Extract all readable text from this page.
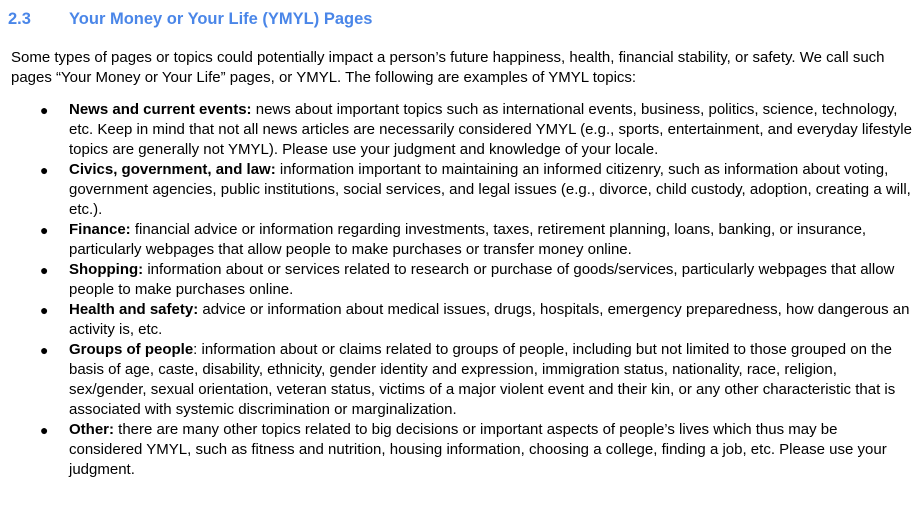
2.3 Your Money or Your Life (YMYL) Pages

Some types of pages or topics could potentially impact a person’s future happiness, health, financial stability, or safety. We call such pages “Your Money or Your Life” pages, or YMYL. The following are examples of YMYL topics:

● News and current events: news about important topics such as international events, business, politics, science, technology, etc. Keep in mind that not all news articles are necessarily considered YMYL (e.g., sports, entertainment, and everyday lifestyle topics are generally not YMYL). Please use your judgment and knowledge of your locale.
● Civics, government, and law: information important to maintaining an informed citizenry, such as information about voting, government agencies, public institutions, social services, and legal issues (e.g., divorce, child custody, adoption, creating a will, etc.).
● Finance: financial advice or information regarding investments, taxes, retirement planning, loans, banking, or insurance, particularly webpages that allow people to make purchases or transfer money online.
● Shopping: information about or services related to research or purchase of goods/services, particularly webpages that allow people to make purchases online.
● Health and safety: advice or information about medical issues, drugs, hospitals, emergency preparedness, how dangerous an activity is, etc.
● Groups of people: information about or claims related to groups of people, including but not limited to those grouped on the basis of age, caste, disability, ethnicity, gender identity and expression, immigration status, nationality, race, religion, sex/gender, sexual orientation, veteran status, victims of a major violent event and their kin, or any other characteristic that is associated with systemic discrimination or marginalization.
● Other: there are many other topics related to big decisions or important aspects of people’s lives which thus may be considered YMYL, such as fitness and nutrition, housing information, choosing a college, finding a job, etc. Please use your judgment.
